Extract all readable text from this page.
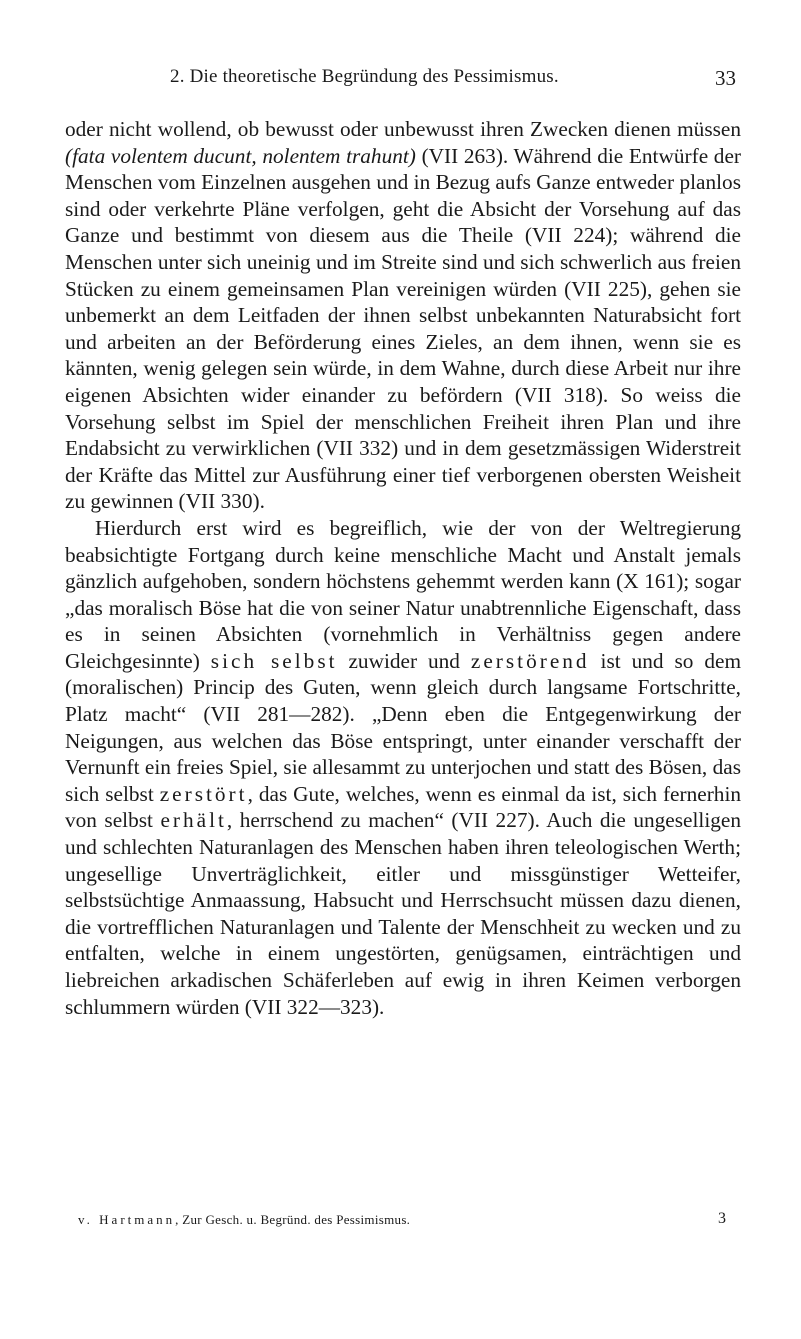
2. Die theoretische Begründung des Pessimismus.	33

oder nicht wollend, ob bewusst oder unbewusst ihren Zwecken dienen müssen (fata volentem ducunt, nolentem trahunt) (VII 263). Während die Entwürfe der Menschen vom Einzelnen ausgehen und in Bezug aufs Ganze entweder planlos sind oder verkehrte Pläne verfolgen, geht die Absicht der Vorsehung auf das Ganze und bestimmt von diesem aus die Theile (VII 224); während die Menschen unter sich uneinig und im Streite sind und sich schwerlich aus freien Stücken zu einem gemeinsamen Plan vereinigen würden (VII 225), gehen sie unbemerkt an dem Leitfaden der ihnen selbst unbekannten Naturabsicht fort und arbeiten an der Beförderung eines Zieles, an dem ihnen, wenn sie es kännten, wenig gelegen sein würde, in dem Wahne, durch diese Arbeit nur ihre eigenen Absichten wider einander zu befördern (VII 318). So weiss die Vorsehung selbst im Spiel der menschlichen Freiheit ihren Plan und ihre Endabsicht zu verwirklichen (VII 332) und in dem gesetzmässigen Widerstreit der Kräfte das Mittel zur Ausführung einer tief verborgenen obersten Weisheit zu gewinnen (VII 330).

Hierdurch erst wird es begreiflich, wie der von der Weltregierung beabsichtigte Fortgang durch keine menschliche Macht und Anstalt jemals gänzlich aufgehoben, sondern höchstens gehemmt werden kann (X 161); sogar „das moralisch Böse hat die von seiner Natur unabtrennliche Eigenschaft, dass es in seinen Absichten (vornehmlich in Verhältniss gegen andere Gleichgesinnte) sich selbst zuwider und zerstörend ist und so dem (moralischen) Princip des Guten, wenn gleich durch langsame Fortschritte, Platz macht“ (VII 281—282). „Denn eben die Entgegenwirkung der Neigungen, aus welchen das Böse entspringt, unter einander verschafft der Vernunft ein freies Spiel, sie allesammt zu unterjochen und statt des Bösen, das sich selbst zerstört, das Gute, welches, wenn es einmal da ist, sich fernerhin von selbst erhält, herrschend zu machen“ (VII 227). Auch die ungeselligen und schlechten Naturanlagen des Menschen haben ihren teleologischen Werth; ungesellige Unverträglichkeit, eitler und missgünstiger Wetteifer, selbstsüchtige Anmaassung, Habsucht und Herrschsucht müssen dazu dienen, die vortrefflichen Naturanlagen und Talente der Menschheit zu wecken und zu entfalten, welche in einem ungestörten, genügsamen, einträchtigen und liebreichen arkadischen Schäferleben auf ewig in ihren Keimen verborgen schlummern würden (VII 322—323).

v. Hartmann, Zur Gesch. u. Begründ. des Pessimismus.	3
